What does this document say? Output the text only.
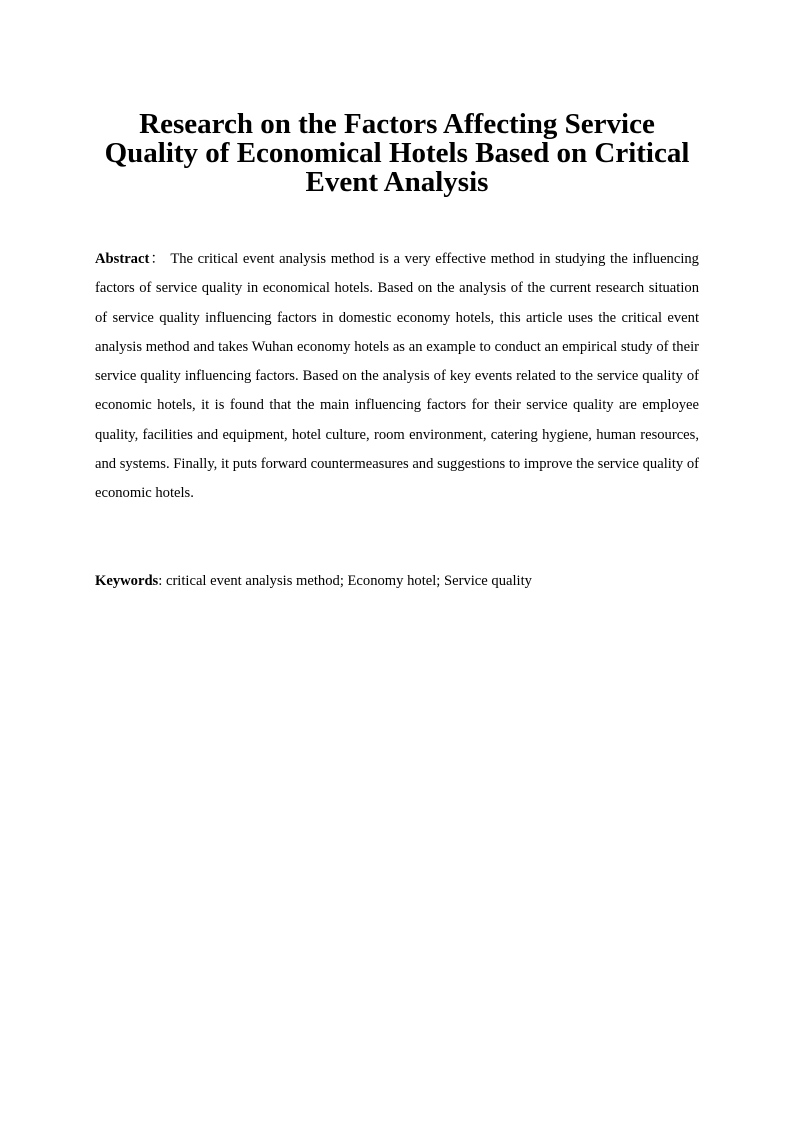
Research on the Factors Affecting Service Quality of Economical Hotels Based on Critical Event Analysis

Abstract： The critical event analysis method is a very effective method in studying the influencing factors of service quality in economical hotels. Based on the analysis of the current research situation of service quality influencing factors in domestic economy hotels, this article uses the critical event analysis method and takes Wuhan economy hotels as an example to conduct an empirical study of their service quality influencing factors. Based on the analysis of key events related to the service quality of economic hotels, it is found that the main influencing factors for their service quality are employee quality, facilities and equipment, hotel culture, room environment, catering hygiene, human resources, and systems. Finally, it puts forward countermeasures and suggestions to improve the service quality of economic hotels.

Keywords: critical event analysis method; Economy hotel; Service quality
